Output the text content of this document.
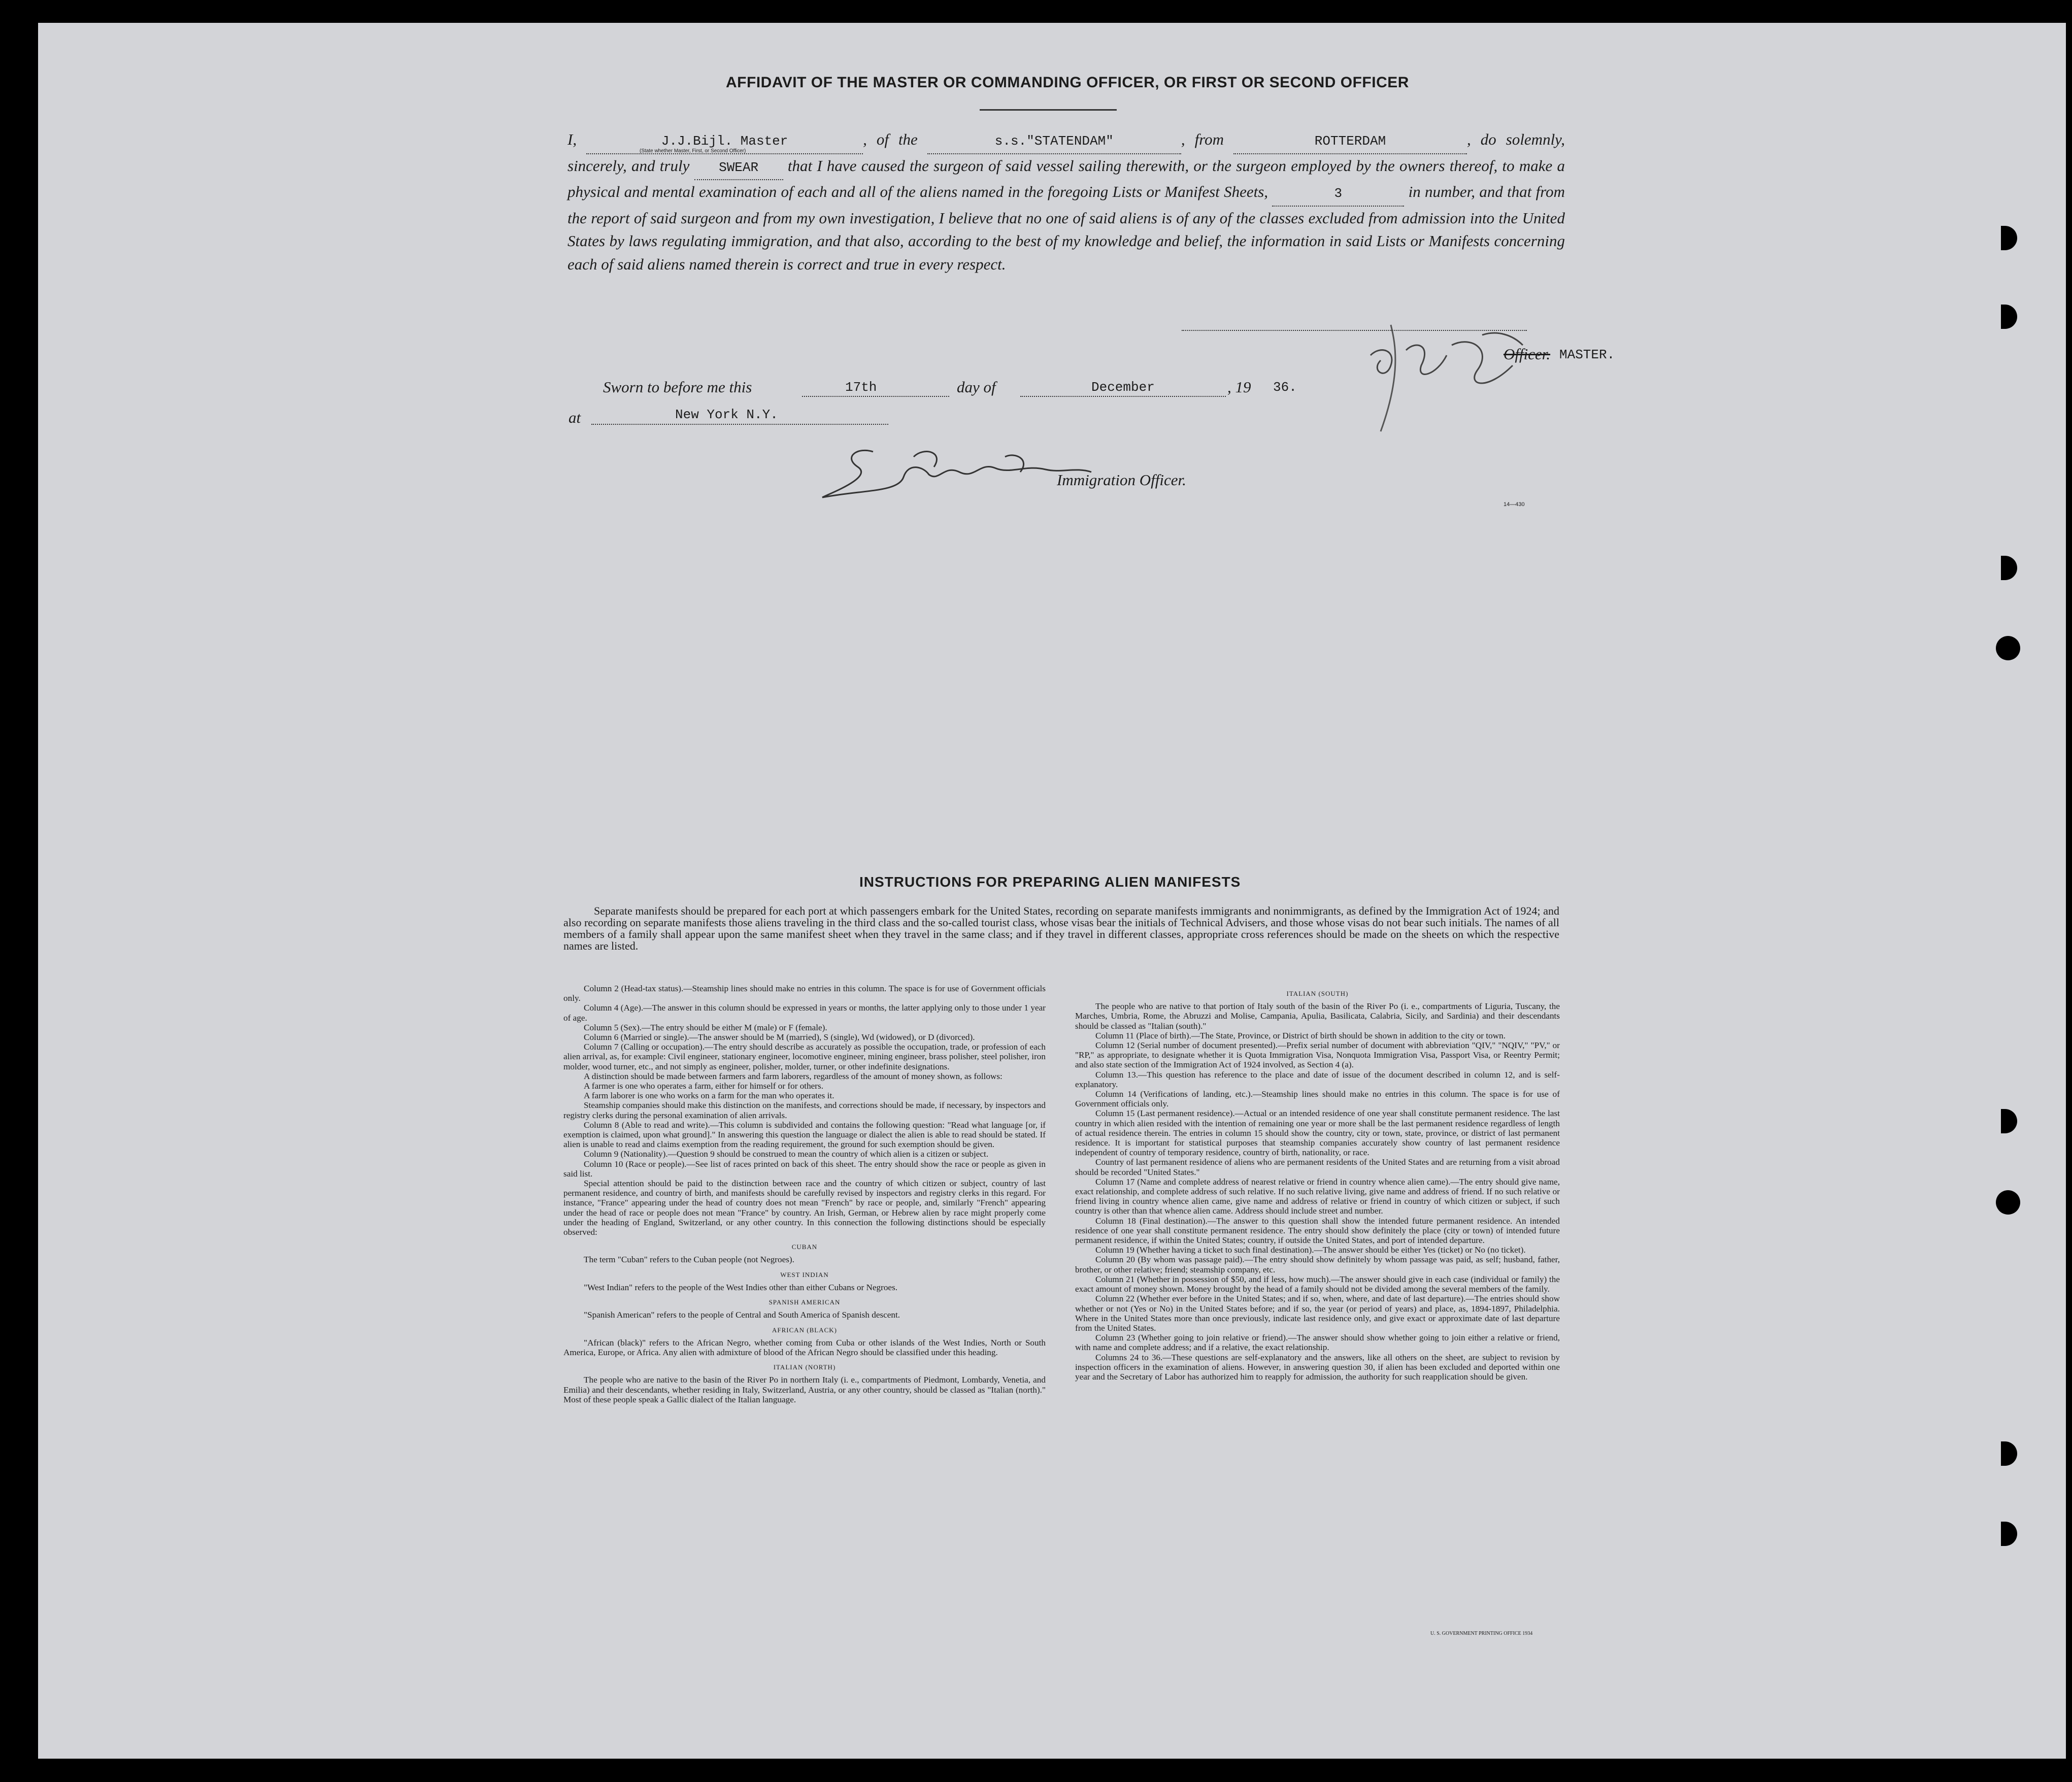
AFFIDAVIT OF THE MASTER OR COMMANDING OFFICER, OR FIRST OR SECOND OFFICER
I,	J.J.Bijl. Master	, of the	s.s."STATENDAM"	, from	ROTTERDAM	, do solemnly, sincerely, and truly SWEAR that I have caused the surgeon of said vessel sailing therewith, or the surgeon employed by the owners thereof, to make a physical and mental examination of each and all of the aliens named in the foregoing Lists or Manifest Sheets,	3	in number, and that from the report of said surgeon and from my own investigation, I believe that no one of said aliens is of any of the classes excluded from admission into the United States by laws regulating immigration, and that also, according to the best of my knowledge and belief, the information in said Lists or Manifests concerning each of said aliens named therein is correct and true in every respect.
(State whether Master, First, or Second Officer)
Officer. MASTER.
Sworn to before me this	17th	day of	December	, 19 36.
at	New York N.Y.
Immigration Officer.
14—430
INSTRUCTIONS FOR PREPARING ALIEN MANIFESTS
Separate manifests should be prepared for each port at which passengers embark for the United States, recording on separate manifests immigrants and nonimmigrants, as defined by the Immigration Act of 1924; and also recording on separate manifests those aliens traveling in the third class and the so-called tourist class, whose visas bear the initials of Technical Advisers, and those whose visas do not bear such initials. The names of all members of a family shall appear upon the same manifest sheet when they travel in the same class; and if they travel in different classes, appropriate cross references should be made on the sheets on which the respective names are listed.

Column 2 (Head-tax status).—Steamship lines should make no entries in this column. The space is for use of Government officials only.

Column 4 (Age).—The answer in this column should be expressed in years or months, the latter applying only to those under 1 year of age.

Column 5 (Sex).—The entry should be either M (male) or F (female).

Column 6 (Married or single).—The answer should be M (married), S (single), Wd (widowed), or D (divorced).

Column 7 (Calling or occupation).—The entry should describe as accurately as possible the occupation, trade, or profession of each alien arrival, as, for example: Civil engineer, stationary engineer, locomotive engineer, mining engineer, brass polisher, steel polisher, iron molder, wood turner, etc., and not simply as engineer, polisher, molder, turner, or other indefinite designations.

A distinction should be made between farmers and farm laborers, regardless of the amount of money shown, as follows:

A farmer is one who operates a farm, either for himself or for others.

A farm laborer is one who works on a farm for the man who operates it.

Steamship companies should make this distinction on the manifests, and corrections should be made, if necessary, by inspectors and registry clerks during the personal examination of alien arrivals.

Column 8 (Able to read and write).—This column is subdivided and contains the following question: "Read what language [or, if exemption is claimed, upon what ground]." In answering this question the language or dialect the alien is able to read should be stated. If alien is unable to read and claims exemption from the reading requirement, the ground for such exemption should be given.

Column 9 (Nationality).—Question 9 should be construed to mean the country of which alien is a citizen or subject.

Column 10 (Race or people).—See list of races printed on back of this sheet. The entry should show the race or people as given in said list.

Special attention should be paid to the distinction between race and the country of which citizen or subject, country of last permanent residence, and country of birth, and manifests should be carefully revised by inspectors and registry clerks in this regard. For instance, "France" appearing under the head of country does not mean "French" by race or people, and, similarly "French" appearing under the head of race or people does not mean "France" by country. An Irish, German, or Hebrew alien by race might properly come under the heading of England, Switzerland, or any other country. In this connection the following distinctions should be especially observed:

CUBAN

The term "Cuban" refers to the Cuban people (not Negroes).

WEST INDIAN

"West Indian" refers to the people of the West Indies other than either Cubans or Negroes.

SPANISH AMERICAN

"Spanish American" refers to the people of Central and South America of Spanish descent.

AFRICAN (BLACK)

"African (black)" refers to the African Negro, whether coming from Cuba or other islands of the West Indies, North or South America, Europe, or Africa. Any alien with admixture of blood of the African Negro should be classified under this heading.

ITALIAN (NORTH)

The people who are native to the basin of the River Po in northern Italy (i. e., compartments of Piedmont, Lombardy, Venetia, and Emilia) and their descendants, whether residing in Italy, Switzerland, Austria, or any other country, should be classed as "Italian (north)." Most of these people speak a Gallic dialect of the Italian language.

ITALIAN (SOUTH)

The people who are native to that portion of Italy south of the basin of the River Po (i. e., compartments of Liguria, Tuscany, the Marches, Umbria, Rome, the Abruzzi and Molise, Campania, Apulia, Basilicata, Calabria, Sicily, and Sardinia) and their descendants should be classed as "Italian (south)."

Column 11 (Place of birth).—The State, Province, or District of birth should be shown in addition to the city or town.

Column 12 (Serial number of document presented).—Prefix serial number of document with abbreviation "QIV," "NQIV," "PV," or "RP," as appropriate, to designate whether it is Quota Immigration Visa, Nonquota Immigration Visa, Passport Visa, or Reentry Permit; and also state section of the Immigration Act of 1924 involved, as Section 4 (a).

Column 13.—This question has reference to the place and date of issue of the document described in column 12, and is self-explanatory.

Column 14 (Verifications of landing, etc.).—Steamship lines should make no entries in this column. The space is for use of Government officials only.

Column 15 (Last permanent residence).—Actual or an intended residence of one year shall constitute permanent residence. The last country in which alien resided with the intention of remaining one year or more shall be the last permanent residence regardless of length of actual residence therein. The entries in column 15 should show the country, city or town, state, province, or district of last permanent residence. It is important for statistical purposes that steamship companies accurately show country of last permanent residence independent of country of temporary residence, country of birth, nationality, or race.

Country of last permanent residence of aliens who are permanent residents of the United States and are returning from a visit abroad should be recorded "United States."

Column 17 (Name and complete address of nearest relative or friend in country whence alien came).—The entry should give name, exact relationship, and complete address of such relative. If no such relative living, give name and address of friend. If no such relative or friend living in country whence alien came, give name and address of relative or friend in country of which citizen or subject, if such country is other than that whence alien came. Address should include street and number.

Column 18 (Final destination).—The answer to this question shall show the intended future permanent residence. An intended residence of one year shall constitute permanent residence. The entry should show definitely the place (city or town) of intended future permanent residence, if within the United States; country, if outside the United States, and port of intended departure.

Column 19 (Whether having a ticket to such final destination).—The answer should be either Yes (ticket) or No (no ticket).

Column 20 (By whom was passage paid).—The entry should show definitely by whom passage was paid, as self; husband, father, brother, or other relative; friend; steamship company, etc.

Column 21 (Whether in possession of $50, and if less, how much).—The answer should give in each case (individual or family) the exact amount of money shown. Money brought by the head of a family should not be divided among the several members of the family.

Column 22 (Whether ever before in the United States; and if so, when, where, and date of last departure).—The entries should show whether or not (Yes or No) in the United States before; and if so, the year (or period of years) and place, as, 1894-1897, Philadelphia. Where in the United States more than once previously, indicate last residence only, and give exact or approximate date of last departure from the United States.

Column 23 (Whether going to join relative or friend).—The answer should show whether going to join either a relative or friend, with name and complete address; and if a relative, the exact relationship.

Columns 24 to 36.—These questions are self-explanatory and the answers, like all others on the sheet, are subject to revision by inspection officers in the examination of aliens. However, in answering question 30, if alien has been excluded and deported within one year and the Secretary of Labor has authorized him to reapply for admission, the authority for such reapplication should be given.

U. S. GOVERNMENT PRINTING OFFICE 1934
